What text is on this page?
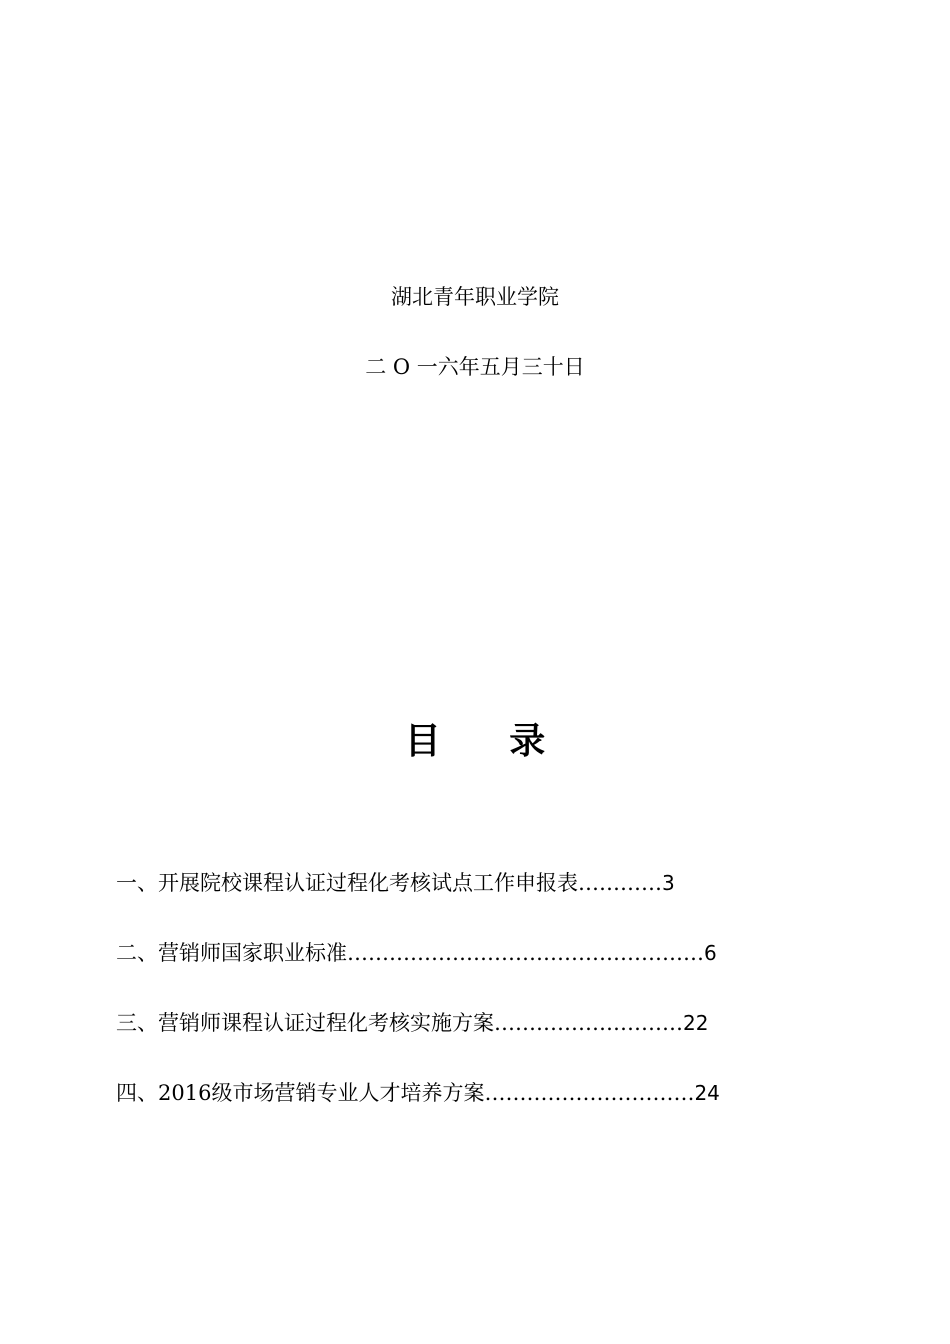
湖北青年职业学院
二 O 一六年五月三十日
目 录
一、开展院校课程认证过程化考核试点工作申报表…………3
二、营销师国家职业标准……………………………………………6
三、营销师课程认证过程化考核实施方案………………………22
四、2016级市场营销专业人才培养方案…………………………24
